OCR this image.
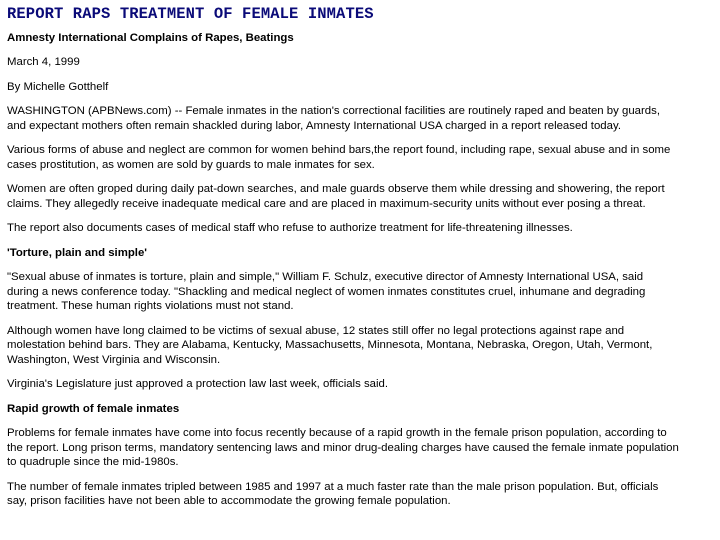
REPORT RAPS TREATMENT OF FEMALE INMATES
Amnesty International Complains of Rapes, Beatings
March 4, 1999
By Michelle Gotthelf
WASHINGTON (APBNews.com) -- Female inmates in the nation's correctional facilities are routinely raped and beaten by guards,
and expectant mothers often remain shackled during labor, Amnesty International USA charged in a report released today.
Various forms of abuse and neglect are common for women behind bars,the report found, including rape, sexual abuse and in some
cases prostitution, as women are sold by guards to male inmates for sex.
Women are often groped during daily pat-down searches, and male guards observe them while dressing and showering, the report
claims. They allegedly receive inadequate medical care and are placed in maximum-security units without ever posing a threat.
The report also documents cases of medical staff who refuse to authorize treatment for life-threatening illnesses.
'Torture, plain and simple'
"Sexual abuse of inmates is torture, plain and simple," William F. Schulz, executive director of Amnesty International USA, said
during a news conference today. "Shackling and medical neglect of women inmates constitutes cruel, inhumane and degrading
treatment. These human rights violations must not stand.
Although women have long claimed to be victims of sexual abuse, 12 states still offer no legal protections against rape and
molestation behind bars. They are Alabama, Kentucky, Massachusetts, Minnesota, Montana, Nebraska, Oregon, Utah, Vermont,
Washington, West Virginia and Wisconsin.
Virginia's Legislature just approved a protection law last week, officials said.
Rapid growth of female inmates
Problems for female inmates have come into focus recently because of a rapid growth in the female prison population, according to
the report. Long prison terms, mandatory sentencing laws and minor drug-dealing charges have caused the female inmate population
to quadruple since the mid-1980s.
The number of female inmates tripled between 1985 and 1997 at a much faster rate than the male prison population. But, officials
say, prison facilities have not been able to accommodate the growing female population.
